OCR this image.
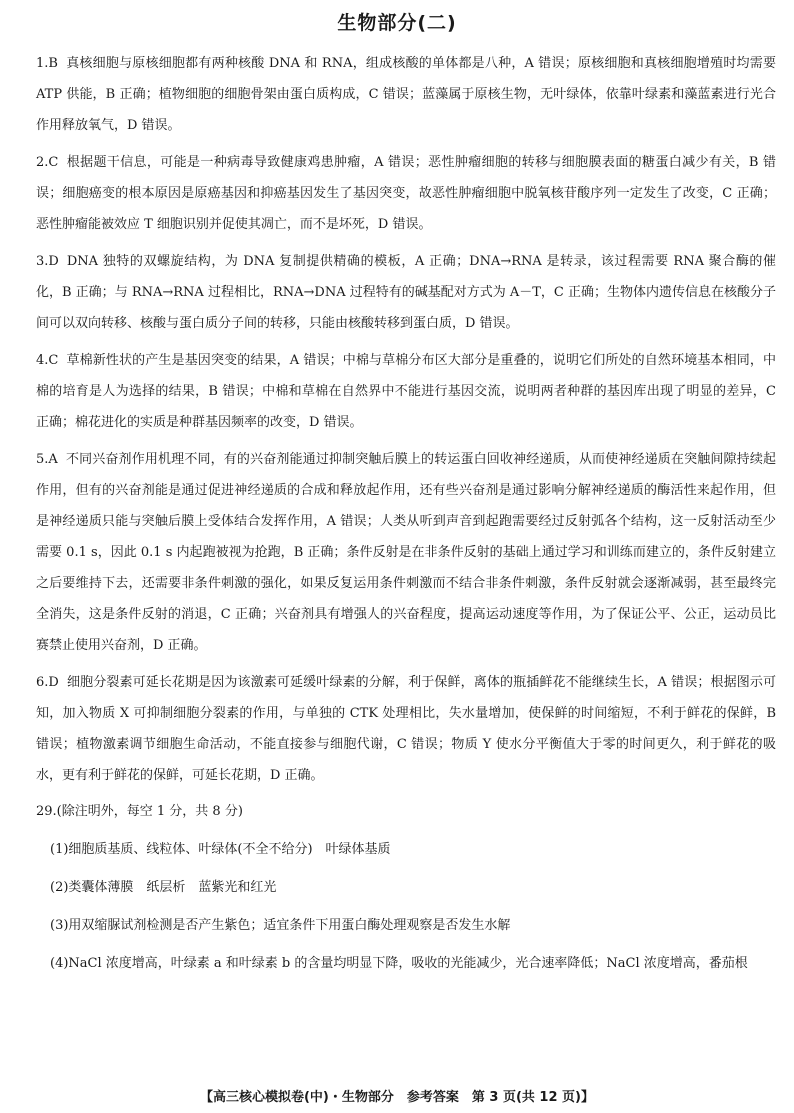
生物部分(二)

1.B 真核细胞与原核细胞都有两种核酸 DNA 和 RNA，组成核酸的单体都是八种，A 错误；原核细胞和真核细胞增殖时均需要 ATP 供能，B 正确；植物细胞的细胞骨架由蛋白质构成，C 错误；蓝藻属于原核生物，无叶绿体，依靠叶绿素和藻蓝素进行光合作用释放氧气，D 错误。

2.C 根据题干信息，可能是一种病毒导致健康鸡患肿瘤，A 错误；恶性肿瘤细胞的转移与细胞膜表面的糖蛋白减少有关，B 错误；细胞癌变的根本原因是原癌基因和抑癌基因发生了基因突变，故恶性肿瘤细胞中脱氧核苷酸序列一定发生了改变，C 正确；恶性肿瘤能被效应 T 细胞识别并促使其凋亡，而不是坏死，D 错误。

3.D DNA 独特的双螺旋结构，为 DNA 复制提供精确的模板，A 正确；DNA→RNA 是转录，该过程需要 RNA 聚合酶的催化，B 正确；与 RNA→RNA 过程相比，RNA→DNA 过程特有的碱基配对方式为 A－T，C 正确；生物体内遗传信息在核酸分子间可以双向转移、核酸与蛋白质分子间的转移，只能由核酸转移到蛋白质，D 错误。

4.C 草棉新性状的产生是基因突变的结果，A 错误；中棉与草棉分布区大部分是重叠的，说明它们所处的自然环境基本相同，中棉的培育是人为选择的结果，B 错误；中棉和草棉在自然界中不能进行基因交流，说明两者种群的基因库出现了明显的差异，C 正确；棉花进化的实质是种群基因频率的改变，D 错误。

5.A 不同兴奋剂作用机理不同，有的兴奋剂能通过抑制突触后膜上的转运蛋白回收神经递质，从而使神经递质在突触间隙持续起作用，但有的兴奋剂能是通过促进神经递质的合成和释放起作用，还有些兴奋剂是通过影响分解神经递质的酶活性来起作用，但是神经递质只能与突触后膜上受体结合发挥作用，A 错误；人类从听到声音到起跑需要经过反射弧各个结构，这一反射活动至少需要 0.1 s，因此 0.1 s 内起跑被视为抢跑，B 正确；条件反射是在非条件反射的基础上通过学习和训练而建立的，条件反射建立之后要维持下去，还需要非条件刺激的强化，如果反复运用条件刺激而不结合非条件刺激，条件反射就会逐渐减弱，甚至最终完全消失，这是条件反射的消退，C 正确；兴奋剂具有增强人的兴奋程度，提高运动速度等作用，为了保证公平、公正，运动员比赛禁止使用兴奋剂，D 正确。

6.D 细胞分裂素可延长花期是因为该激素可延缓叶绿素的分解，利于保鲜，离体的瓶插鲜花不能继续生长，A 错误；根据图示可知，加入物质 X 可抑制细胞分裂素的作用，与单独的 CTK 处理相比，失水量增加，使保鲜的时间缩短，不利于鲜花的保鲜，B 错误；植物激素调节细胞生命活动，不能直接参与细胞代谢，C 错误；物质 Y 使水分平衡值大于零的时间更久，利于鲜花的吸水，更有利于鲜花的保鲜，可延长花期，D 正确。

29.(除注明外，每空 1 分，共 8 分)

(1)细胞质基质、线粒体、叶绿体(不全不给分)　叶绿体基质

(2)类囊体薄膜　纸层析　蓝紫光和红光

(3)用双缩脲试剂检测是否产生紫色；适宜条件下用蛋白酶处理观察是否发生水解

(4)NaCl 浓度增高，叶绿素 a 和叶绿素 b 的含量均明显下降，吸收的光能减少，光合速率降低；NaCl 浓度增高，番茄根

【高三核心模拟卷(中)・生物部分　参考答案　第 3 页(共 12 页)】
